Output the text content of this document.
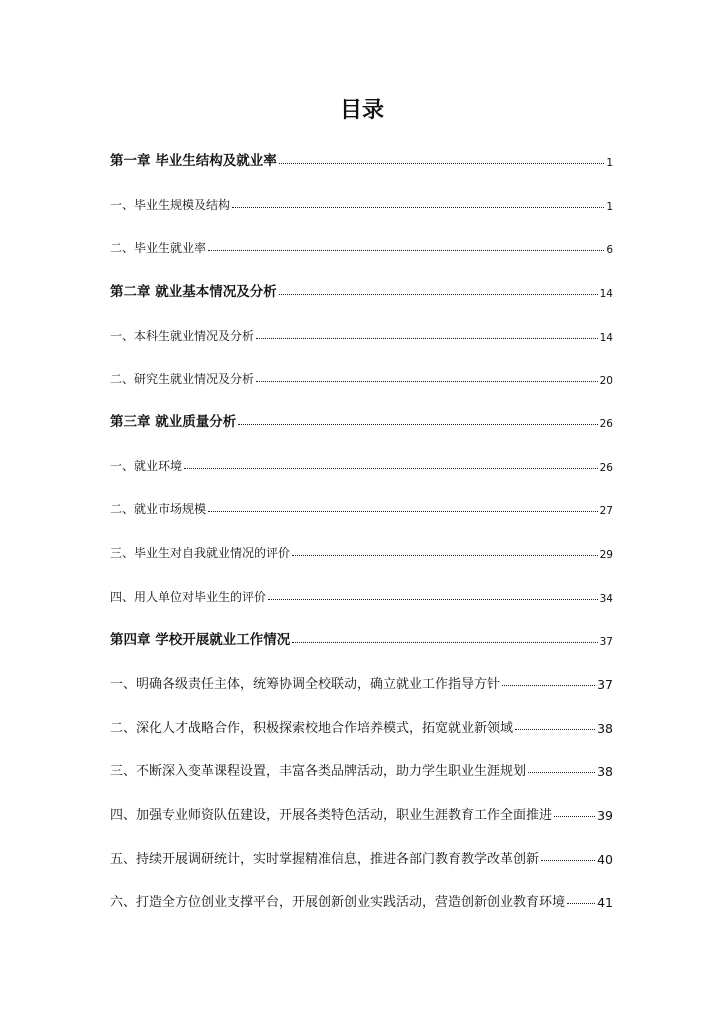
目录
第一章 毕业生结构及就业率	1
一、毕业生规模及结构	1
二、毕业生就业率	6
第二章 就业基本情况及分析	14
一、本科生就业情况及分析	14
二、研究生就业情况及分析	20
第三章 就业质量分析	26
一、就业环境	26
二、就业市场规模	27
三、毕业生对自我就业情况的评价	29
四、用人单位对毕业生的评价	34
第四章 学校开展就业工作情况	37
一、明确各级责任主体，统筹协调全校联动，确立就业工作指导方针	37
二、深化人才战略合作，积极探索校地合作培养模式，拓宽就业新领域	38
三、不断深入变革课程设置，丰富各类品牌活动，助力学生职业生涯规划	38
四、加强专业师资队伍建设，开展各类特色活动，职业生涯教育工作全面推进	39
五、持续开展调研统计，实时掌握精准信息，推进各部门教育教学改革创新	40
六、打造全方位创业支撑平台，开展创新创业实践活动，营造创新创业教育环境	41
